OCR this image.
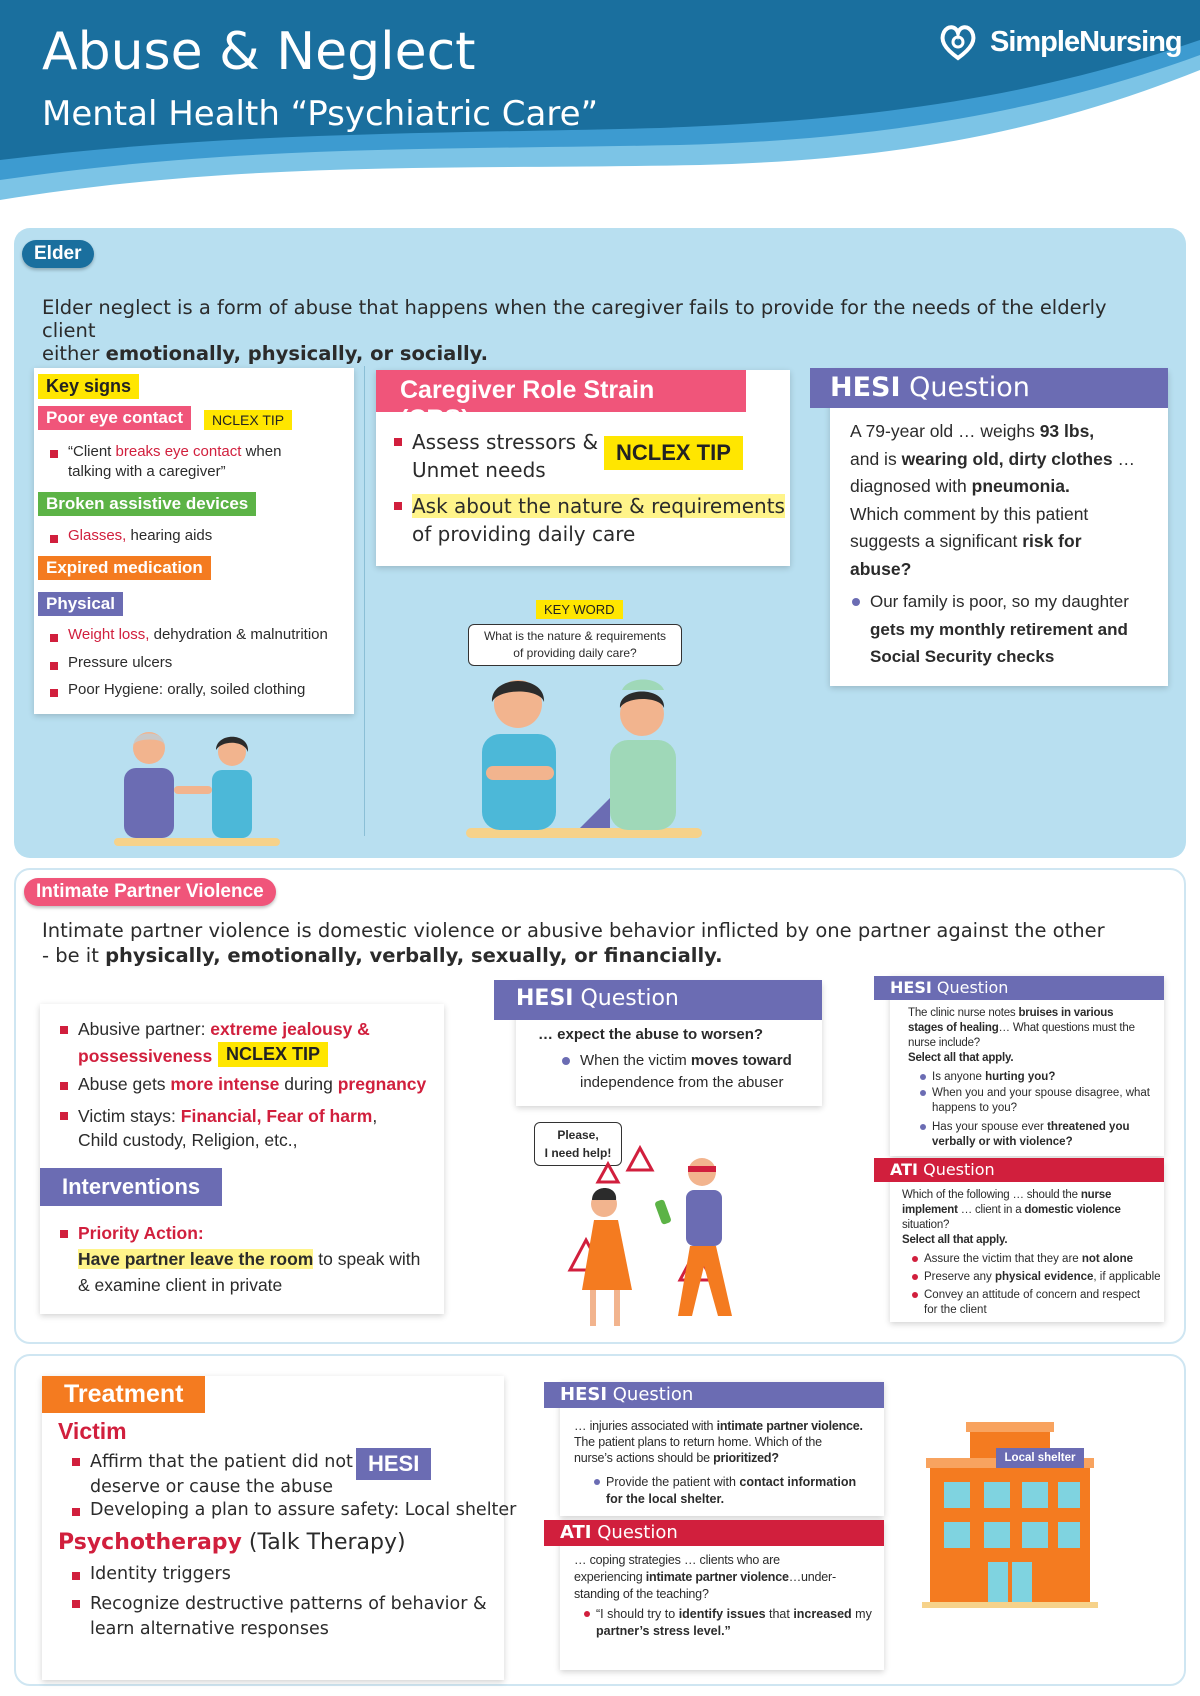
Abuse & Neglect
Mental Health “Psychiatric Care”
SimpleNursing
Elder
Elder neglect is a form of abuse that happens when the caregiver fails to provide for the needs of the elderly client
either emotionally, physically, or socially.
Key signs
Poor eye contact	NCLEX TIP
“Client breaks eye contact when
talking with a caregiver”
Broken assistive devices
Glasses, hearing aids
Expired medication
Physical
Weight loss, dehydration & malnutrition
Pressure ulcers
Poor Hygiene: orally, soiled clothing
Caregiver Role Strain (CRS)
Assess stressors &
Unmet needs
NCLEX TIP
Ask about the nature & requirements
of providing daily care
KEY WORD
What is the nature & requirements
of providing daily care?
HESI Question
A 79-year old … weighs 93 lbs,
and is wearing old, dirty clothes …
diagnosed with pneumonia.
Which comment by this patient
suggests a significant risk for
abuse?
Our family is poor, so my daughter
gets my monthly retirement and
Social Security checks
Intimate Partner Violence
Intimate partner violence is domestic violence or abusive behavior inflicted by one partner against the other
- be it physically, emotionally, verbally, sexually, or financially.
Abusive partner: extreme jealousy &
possessiveness NCLEX TIP
Abuse gets more intense during pregnancy
Victim stays: Financial, Fear of harm,
Child custody, Religion, etc.,
Interventions
Priority Action:
Have partner leave the room to speak with
& examine client in private
HESI Question
… expect the abuse to worsen?
When the victim moves toward
independence from the abuser
Please,
I need help!
HESI Question
The clinic nurse notes bruises in various
stages of healing… What questions must the
nurse include?
Select all that apply.
Is anyone hurting you?
When you and your spouse disagree, what
happens to you?
Has your spouse ever threatened you
verbally or with violence?
ATI Question
Which of the following … should the nurse
implement … client in a domestic violence
situation?
Select all that apply.
Assure the victim that they are not alone
Preserve any physical evidence, if applicable
Convey an attitude of concern and respect
for the client
Treatment
Victim
Affirm that the patient did not
deserve or cause the abuse
HESI
Developing a plan to assure safety: Local shelter
Psychotherapy (Talk Therapy)
Identity triggers
Recognize destructive patterns of behavior &
learn alternative responses
HESI Question
… injuries associated with intimate partner violence.
The patient plans to return home. Which of the
nurse’s actions should be prioritized?
Provide the patient with contact information
for the local shelter.
ATI Question
… coping strategies … clients who are
experiencing intimate partner violence…under-
standing of the teaching?
“I should try to identify issues that increased my
partner’s stress level.”
Local shelter
